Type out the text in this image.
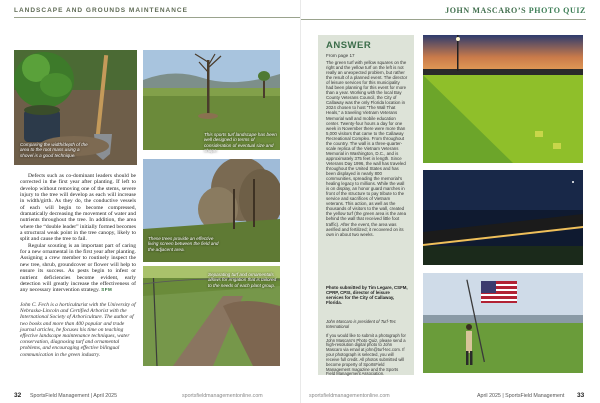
LANDSCAPE AND GROUNDS MAINTENANCE
Comparing the width/depth of the area to the root mass using a shovel is a good technique.
This sports turf landscape has been well designed in terms of consideration of eventual size and shape.
These trees provide an effective living screen between the field and the adjacent area.
Separating turf and ornamentals allows for irrigation that is tailored to the needs of each plant group.

Defects such as co-dominant leaders should be corrected in the first year after planting. If left to develop without removing one of the stems, severe injury to the tree will develop as each will increase in width/girth. As they do, the conductive vessels of each will begin to become compressed, dramatically decreasing the movement of water and nutrients throughout the tree. In addition, the area where the “double leader” initially formed becomes a structural weak point in the tree canopy, likely to split and cause the tree to fail.

Regular scouting is an important part of caring for a new ornamental in the first year after planting. Assigning a crew member to routinely inspect the new tree, shrub, groundcover or flower will help to ensure its success. As pests begin to infest or nutrient deficiencies become evident, early detection will greatly increase the effectiveness of any necessary intervention strategy. SFM

John C. Fech is a horticulturist with the University of Nebraska-Lincoln and Certified Arborist with the International Society of Arboriculture. The author of two books and more than 400 popular and trade journal articles, he focuses his time on teaching effective landscape maintenance techniques, water conservation, diagnosing turf and ornamental problems, and encouraging effective bilingual communication in the green industry.
32 SportsField Management | April 2025	sportsfieldmanagementonline.com
JOHN MASCARO’S PHOTO QUIZ
ANSWER
From page 17
The green turf with yellow squares on the right and the yellow turf on the left is not really an unexpected problem, but rather the result of a planned event. The director of leisure services for this municipality had been planning for this event for more than a year. Working with the local Bay County Veterans Council, the City of Callaway was the only Florida location in 2024 chosen to host “The Wall That Heals,” a traveling Vietnam Veterans Memorial wall and mobile education center. Twenty-four hours a day for one week in November there were more than 5,000 visitors that came to the Callaway Recreational Complex. From throughout the country. The wall is a three-quarter-scale replica of the Vietnam Veterans Memorial in Washington, D.C., and is approximately 375 feet in length. Since Veterans Day 1996, the wall has traveled throughout the United States and has been displayed in nearly 800 communities, spreading the memorial’s healing legacy to millions. While the wall is on display, an honor guard marches in front of the structure to pay tribute to the service and sacrifices of Vietnam veterans. This action, as well as the thousands of visitors to the wall, created the yellow turf (the green area is the area behind the wall that received little foot traffic). After the event, the area was aerified and fertilized; it recovered on its own in about two weeks.
Photo submitted by Tim Legare, CSFM, CPRP, CPSI, director of leisure services for the City of Callaway, Florida.
John Mascaro is president of Turf-Tec International
If you would like to submit a photograph for John Mascaro’s Photo Quiz, please send a high-resolution digital photo to John Mascaro via email at john@turf-tec.com. If your photograph is selected, you will receive full credit. All photos submitted will become property of SportsField Management magazine and the Sports Field Management Association.
sportsfieldmanagementonline.com	April 2025 | SportsField Management 33
